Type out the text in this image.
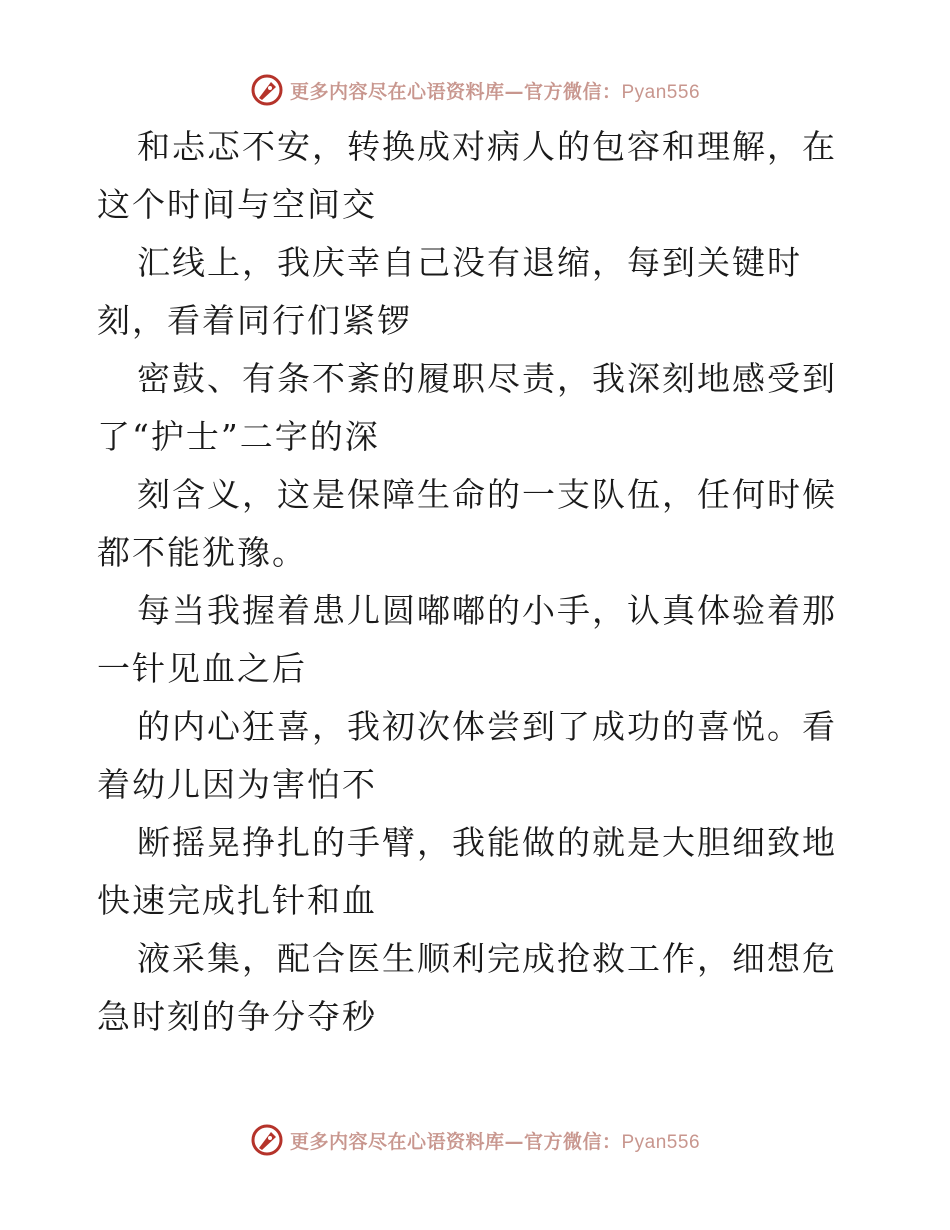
更多内容尽在心语资料库—官方微信：Pyan556

和忐忑不安，转换成对病人的包容和理解，在这个时间与空间交

汇线上，我庆幸自己没有退缩，每到关键时刻，看着同行们紧锣

密鼓、有条不紊的履职尽责，我深刻地感受到了“护士”二字的深

刻含义，这是保障生命的一支队伍，任何时候都不能犹豫。

每当我握着患儿圆嘟嘟的小手，认真体验着那一针见血之后

的内心狂喜，我初次体尝到了成功的喜悦。看着幼儿因为害怕不

断摇晃挣扎的手臂，我能做的就是大胆细致地快速完成扎针和血

液采集，配合医生顺利完成抢救工作，细想危急时刻的争分夺秒

更多内容尽在心语资料库—官方微信：Pyan556
